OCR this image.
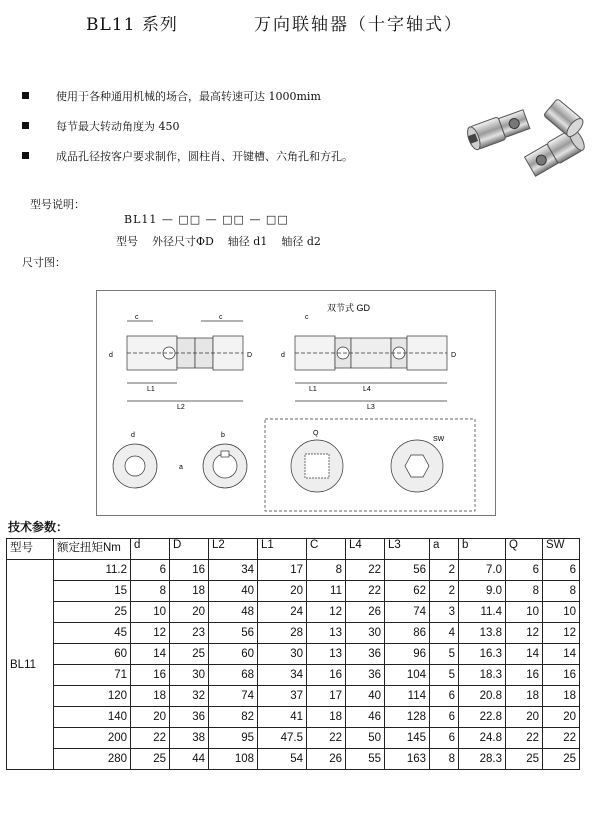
BL11 系列	万向联轴器（十字轴式）
使用于各种通用机械的场合，最高转速可达 1000mim
每节最大转动角度为 450
成品孔径按客户要求制作，圆柱肖、开键槽、六角孔和方孔。
型号说明：
BL11 — □□ — □□ — □□
型号    外径尺寸ΦD    轴径 d1    轴径 d2
尺寸图：
c	c
d	D
L1
L2
双节式 GD
c
d	D
L1	L4
L3
d	b
a
Q
SW
技术参数：
型号	额定扭矩Nm	d	D	L2	L1	C	L4	L3	a	b	Q	SW
BL11	11.2	6	16	34	17	8	22	56	2	7.0	6	6
	15	8	18	40	20	11	22	62	2	9.0	8	8
	25	10	20	48	24	12	26	74	3	11.4	10	10
	45	12	23	56	28	13	30	86	4	13.8	12	12
	60	14	25	60	30	13	36	96	5	16.3	14	14
	71	16	30	68	34	16	36	104	5	18.3	16	16
	120	18	32	74	37	17	40	114	6	20.8	18	18
	140	20	36	82	41	18	46	128	6	22.8	20	20
	200	22	38	95	47.5	22	50	145	6	24.8	22	22
	280	25	44	108	54	26	55	163	8	28.3	25	25
